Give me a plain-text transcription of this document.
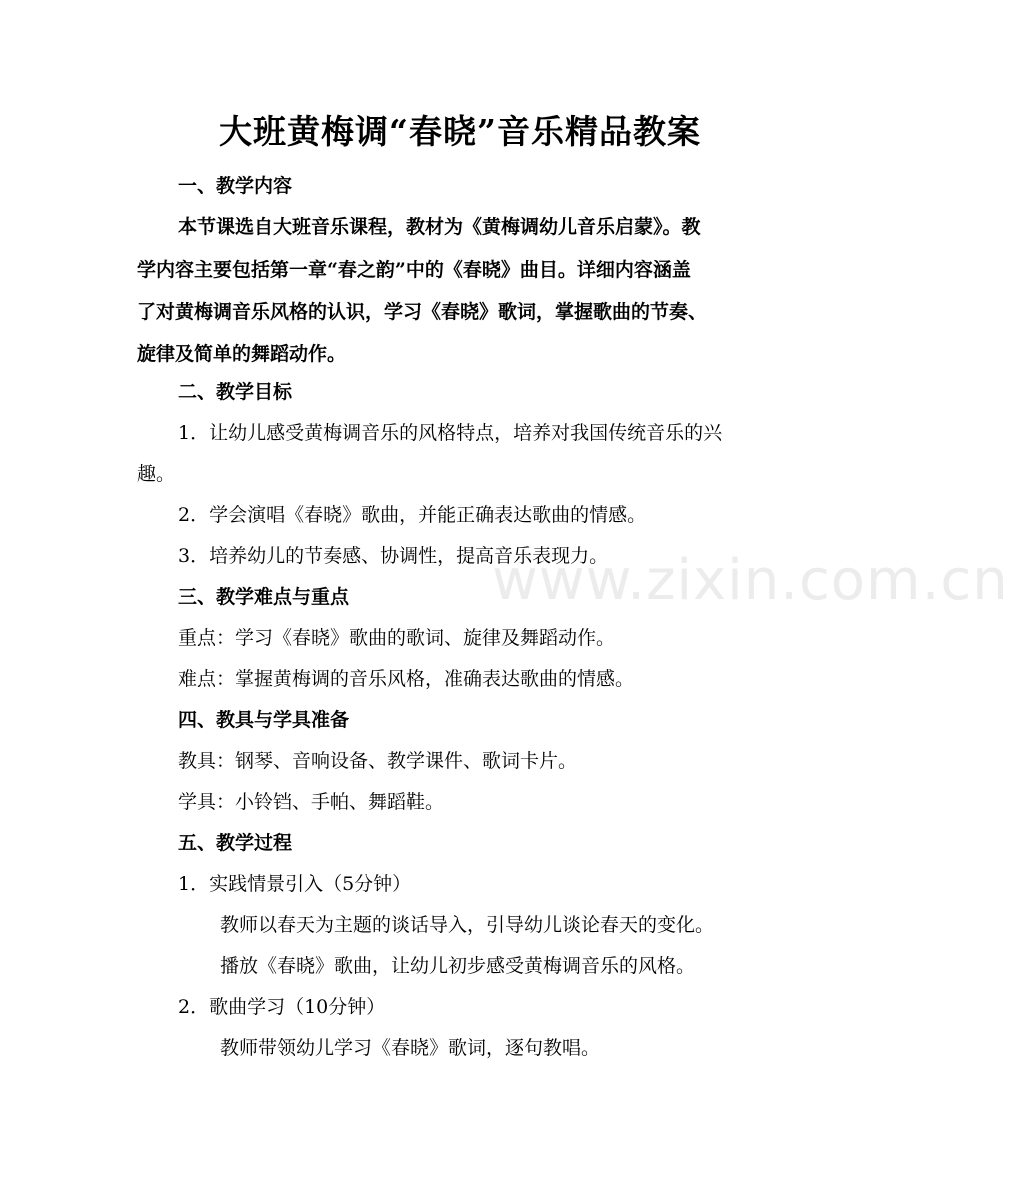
www.zixin.com.cn
大班黄梅调“春晓”音乐精品教案
一、教学内容
本节课选自大班音乐课程，教材为《黄梅调幼儿音乐启蒙》。教
学内容主要包括第一章“春之韵”中的《春晓》曲目。详细内容涵盖
了对黄梅调音乐风格的认识，学习《春晓》歌词，掌握歌曲的节奏、
旋律及简单的舞蹈动作。
二、教学目标
1．让幼儿感受黄梅调音乐的风格特点，培养对我国传统音乐的兴
趣。
2．学会演唱《春晓》歌曲，并能正确表达歌曲的情感。
3．培养幼儿的节奏感、协调性，提高音乐表现力。
三、教学难点与重点
重点：学习《春晓》歌曲的歌词、旋律及舞蹈动作。
难点：掌握黄梅调的音乐风格，准确表达歌曲的情感。
四、教具与学具准备
教具：钢琴、音响设备、教学课件、歌词卡片。
学具：小铃铛、手帕、舞蹈鞋。
五、教学过程
1．实践情景引入（5分钟）
教师以春天为主题的谈话导入，引导幼儿谈论春天的变化。
播放《春晓》歌曲，让幼儿初步感受黄梅调音乐的风格。
2．歌曲学习（10分钟）
教师带领幼儿学习《春晓》歌词，逐句教唱。
